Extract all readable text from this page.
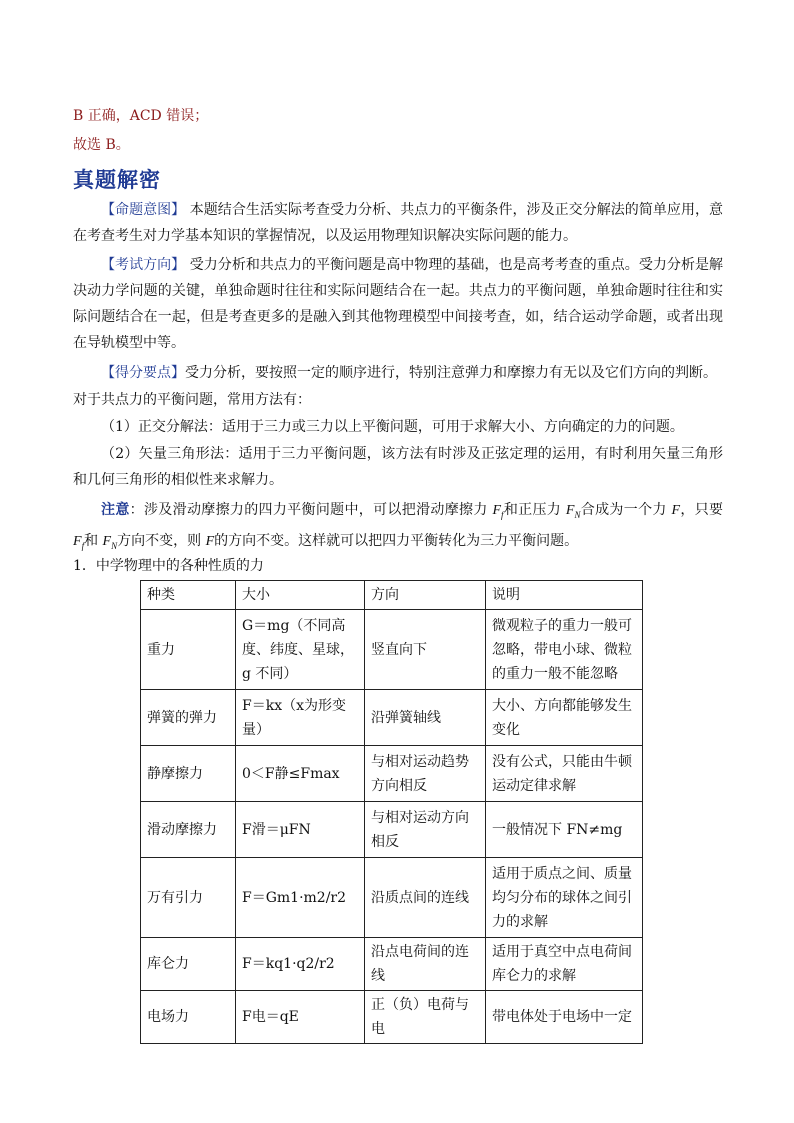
B 正确，ACD 错误；
故选 B。
真题解密
【命题意图】 本题结合生活实际考查受力分析、共点力的平衡条件，涉及正交分解法的简单应用，意在考查考生对力学基本知识的掌握情况，以及运用物理知识解决实际问题的能力。
【考试方向】 受力分析和共点力的平衡问题是高中物理的基础，也是高考考查的重点。受力分析是解决动力学问题的关键，单独命题时往往和实际问题结合在一起。共点力的平衡问题，单独命题时往往和实际问题结合在一起，但是考查更多的是融入到其他物理模型中间接考查，如，结合运动学命题，或者出现在导轨模型中等。
【得分要点】受力分析，要按照一定的顺序进行，特别注意弹力和摩擦力有无以及它们方向的判断。
对于共点力的平衡问题，常用方法有：
（1）正交分解法：适用于三力或三力以上平衡问题，可用于求解大小、方向确定的力的问题。
（2）矢量三角形法：适用于三力平衡问题，该方法有时涉及正弦定理的运用，有时利用矢量三角形和几何三角形的相似性来求解力。
注意：涉及滑动摩擦力的四力平衡问题中，可以把滑动摩擦力 $F_f$和正压力 $F_N$合成为一个力 F，只要 $F_f$和 $F_N$方向不变，则 F的方向不变。这样就可以把四力平衡转化为三力平衡问题。
1．中学物理中的各种性质的力
种类	大小	方向	说明
重力	G＝mg（不同高度、纬度、星球，g 不同）	竖直向下	微观粒子的重力一般可忽略，带电小球、微粒的重力一般不能忽略
弹簧的弹力	F＝kx（x为形变量）	沿弹簧轴线	大小、方向都能够发生变化
静摩擦力	0＜F静≤Fmax	与相对运动趋势方向相反	没有公式，只能由牛顿运动定律求解
滑动摩擦力	F滑＝μFN	与相对运动方向相反	一般情况下 FN≠mg
万有引力	F＝Gm1·m2/r2	沿质点间的连线	适用于质点之间、质量均匀分布的球体之间引力的求解
库仑力	F＝kq1·q2/r2	沿点电荷间的连线	适用于真空中点电荷间库仑力的求解
电场力	F电＝qE	正（负）电荷与电	带电体处于电场中一定
